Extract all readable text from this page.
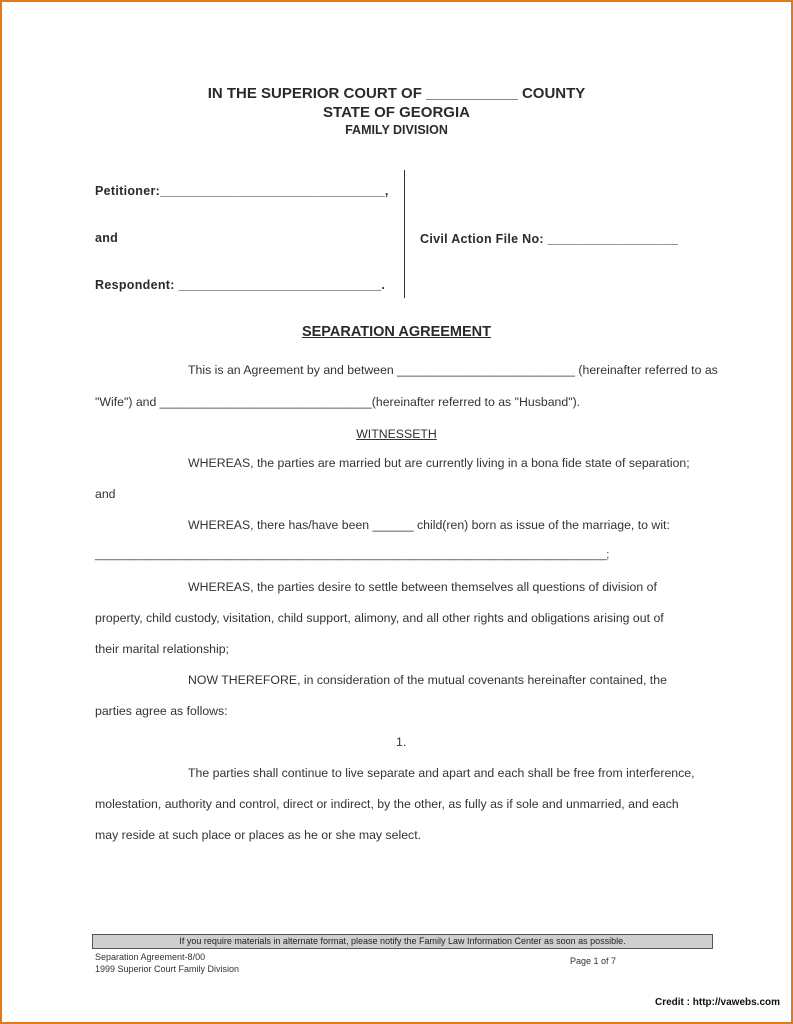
IN THE SUPERIOR COURT OF ___________ COUNTY
STATE OF GEORGIA
FAMILY DIVISION
Petitioner:_______________________________,
and
Respondent: ____________________________.
Civil Action File No: __________________
SEPARATION AGREEMENT
This is an Agreement by and between __________________________ (hereinafter referred to as
"Wife") and _______________________________(hereinafter referred to as "Husband").
WITNESSETH
WHEREAS, the parties are married but are currently living in a bona fide state of separation;
and
WHEREAS, there has/have been ______ child(ren) born as issue of the marriage, to wit:
___________________________________________________________________________________________;
WHEREAS, the parties desire to settle between themselves all questions of division of
property, child custody, visitation, child support, alimony, and all other rights and obligations arising out of
their marital relationship;
NOW THEREFORE, in consideration of the mutual covenants hereinafter contained, the
parties agree as follows:
1.
The parties shall continue to live separate and apart and each shall be free from interference,
molestation, authority and control, direct or indirect, by the other, as fully as if sole and unmarried, and each
may reside at such place or places as he or she may select.
If you require materials in alternate format, please notify the Family Law Information Center as soon as possible.
Separation Agreement-8/00
1999 Superior Court Family Division
Page 1 of 7
Credit : http://vawebs.com
